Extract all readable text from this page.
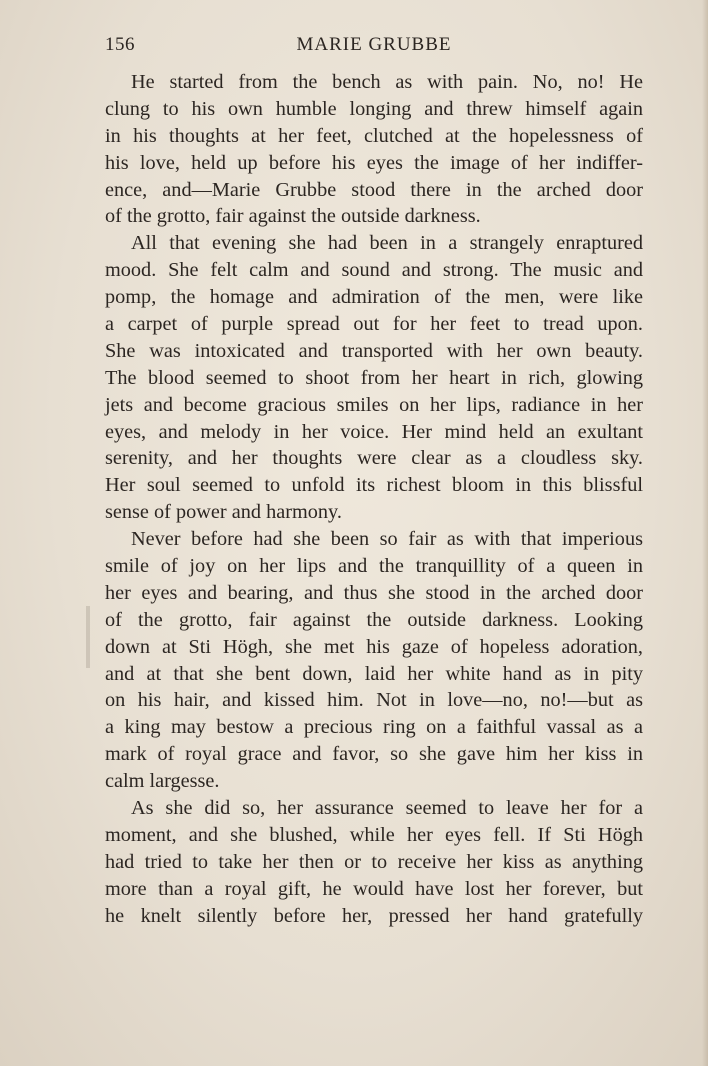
156	MARIE GRUBBE
He started from the bench as with pain. No, no! He
clung to his own humble longing and threw himself again
in his thoughts at her feet, clutched at the hopelessness of
his love, held up before his eyes the image of her indiffer-
ence, and—Marie Grubbe stood there in the arched door
of the grotto, fair against the outside darkness.
All that evening she had been in a strangely enraptured
mood. She felt calm and sound and strong. The music and
pomp, the homage and admiration of the men, were like
a carpet of purple spread out for her feet to tread upon.
She was intoxicated and transported with her own beauty.
The blood seemed to shoot from her heart in rich, glowing
jets and become gracious smiles on her lips, radiance in her
eyes, and melody in her voice. Her mind held an exultant
serenity, and her thoughts were clear as a cloudless sky.
Her soul seemed to unfold its richest bloom in this blissful
sense of power and harmony.
Never before had she been so fair as with that imperious
smile of joy on her lips and the tranquillity of a queen in
her eyes and bearing, and thus she stood in the arched door
of the grotto, fair against the outside darkness. Looking
down at Sti Högh, she met his gaze of hopeless adoration,
and at that she bent down, laid her white hand as in pity
on his hair, and kissed him. Not in love—no, no!—but as
a king may bestow a precious ring on a faithful vassal as a
mark of royal grace and favor, so she gave him her kiss in
calm largesse.
As she did so, her assurance seemed to leave her for a
moment, and she blushed, while her eyes fell. If Sti Högh
had tried to take her then or to receive her kiss as anything
more than a royal gift, he would have lost her forever, but
he knelt silently before her, pressed her hand gratefully
